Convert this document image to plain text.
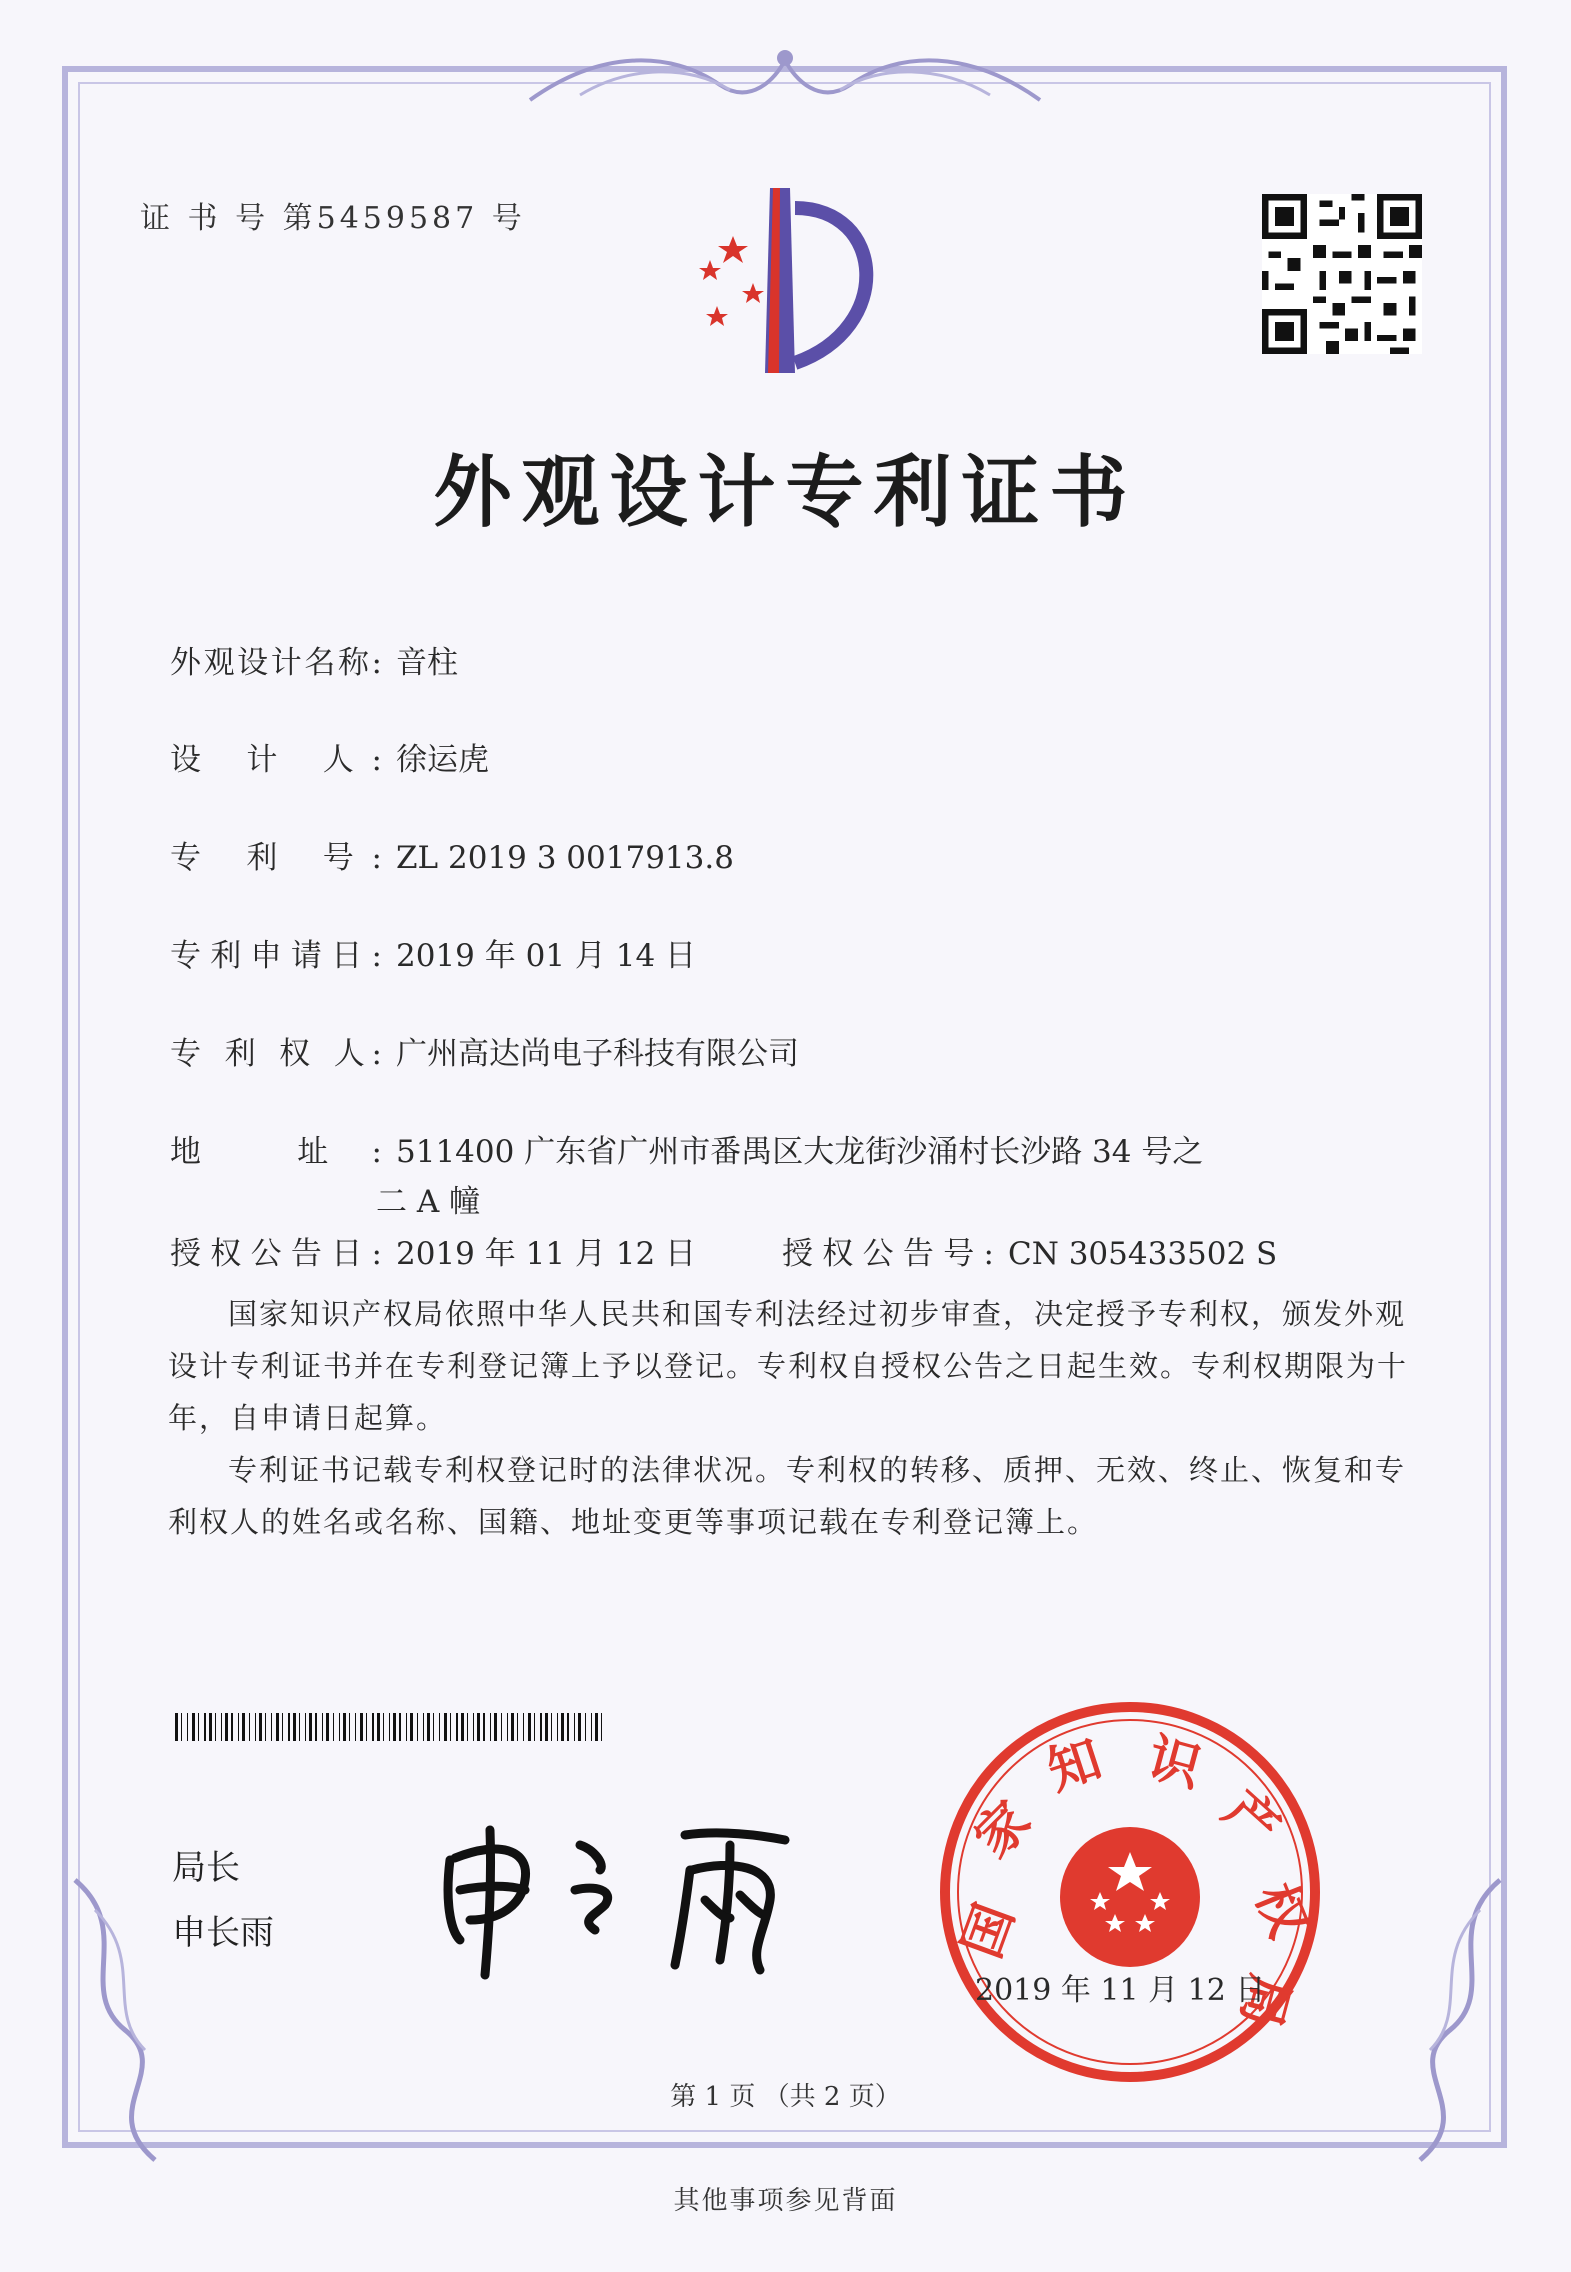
证 书 号 第5459587 号
外观设计专利证书
外观设计名称: 音柱
设 计 人: 徐运虎
专 利 号: ZL 2019 3 0017913.8
专利申请日: 2019 年 01 月 14 日
专 利 权 人: 广州高达尚电子科技有限公司
地 址: 511400 广东省广州市番禺区大龙街沙涌村长沙路 34 号之
二 A 幢
授权公告日: 2019 年 11 月 12 日	授权公告号: CN 305433502 S

国家知识产权局依照中华人民共和国专利法经过初步审查，决定授予专利权，颁发外观设计专利证书并在专利登记簿上予以登记。专利权自授权公告之日起生效。专利权期限为十年，自申请日起算。

专利证书记载专利权登记时的法律状况。专利权的转移、质押、无效、终止、恢复和专利权人的姓名或名称、国籍、地址变更等事项记载在专利登记簿上。

局长
申长雨	国
家
知 识
产
权
局
2019 年 11 月 12 日
第 1 页 （共 2 页）
其他事项参见背面
